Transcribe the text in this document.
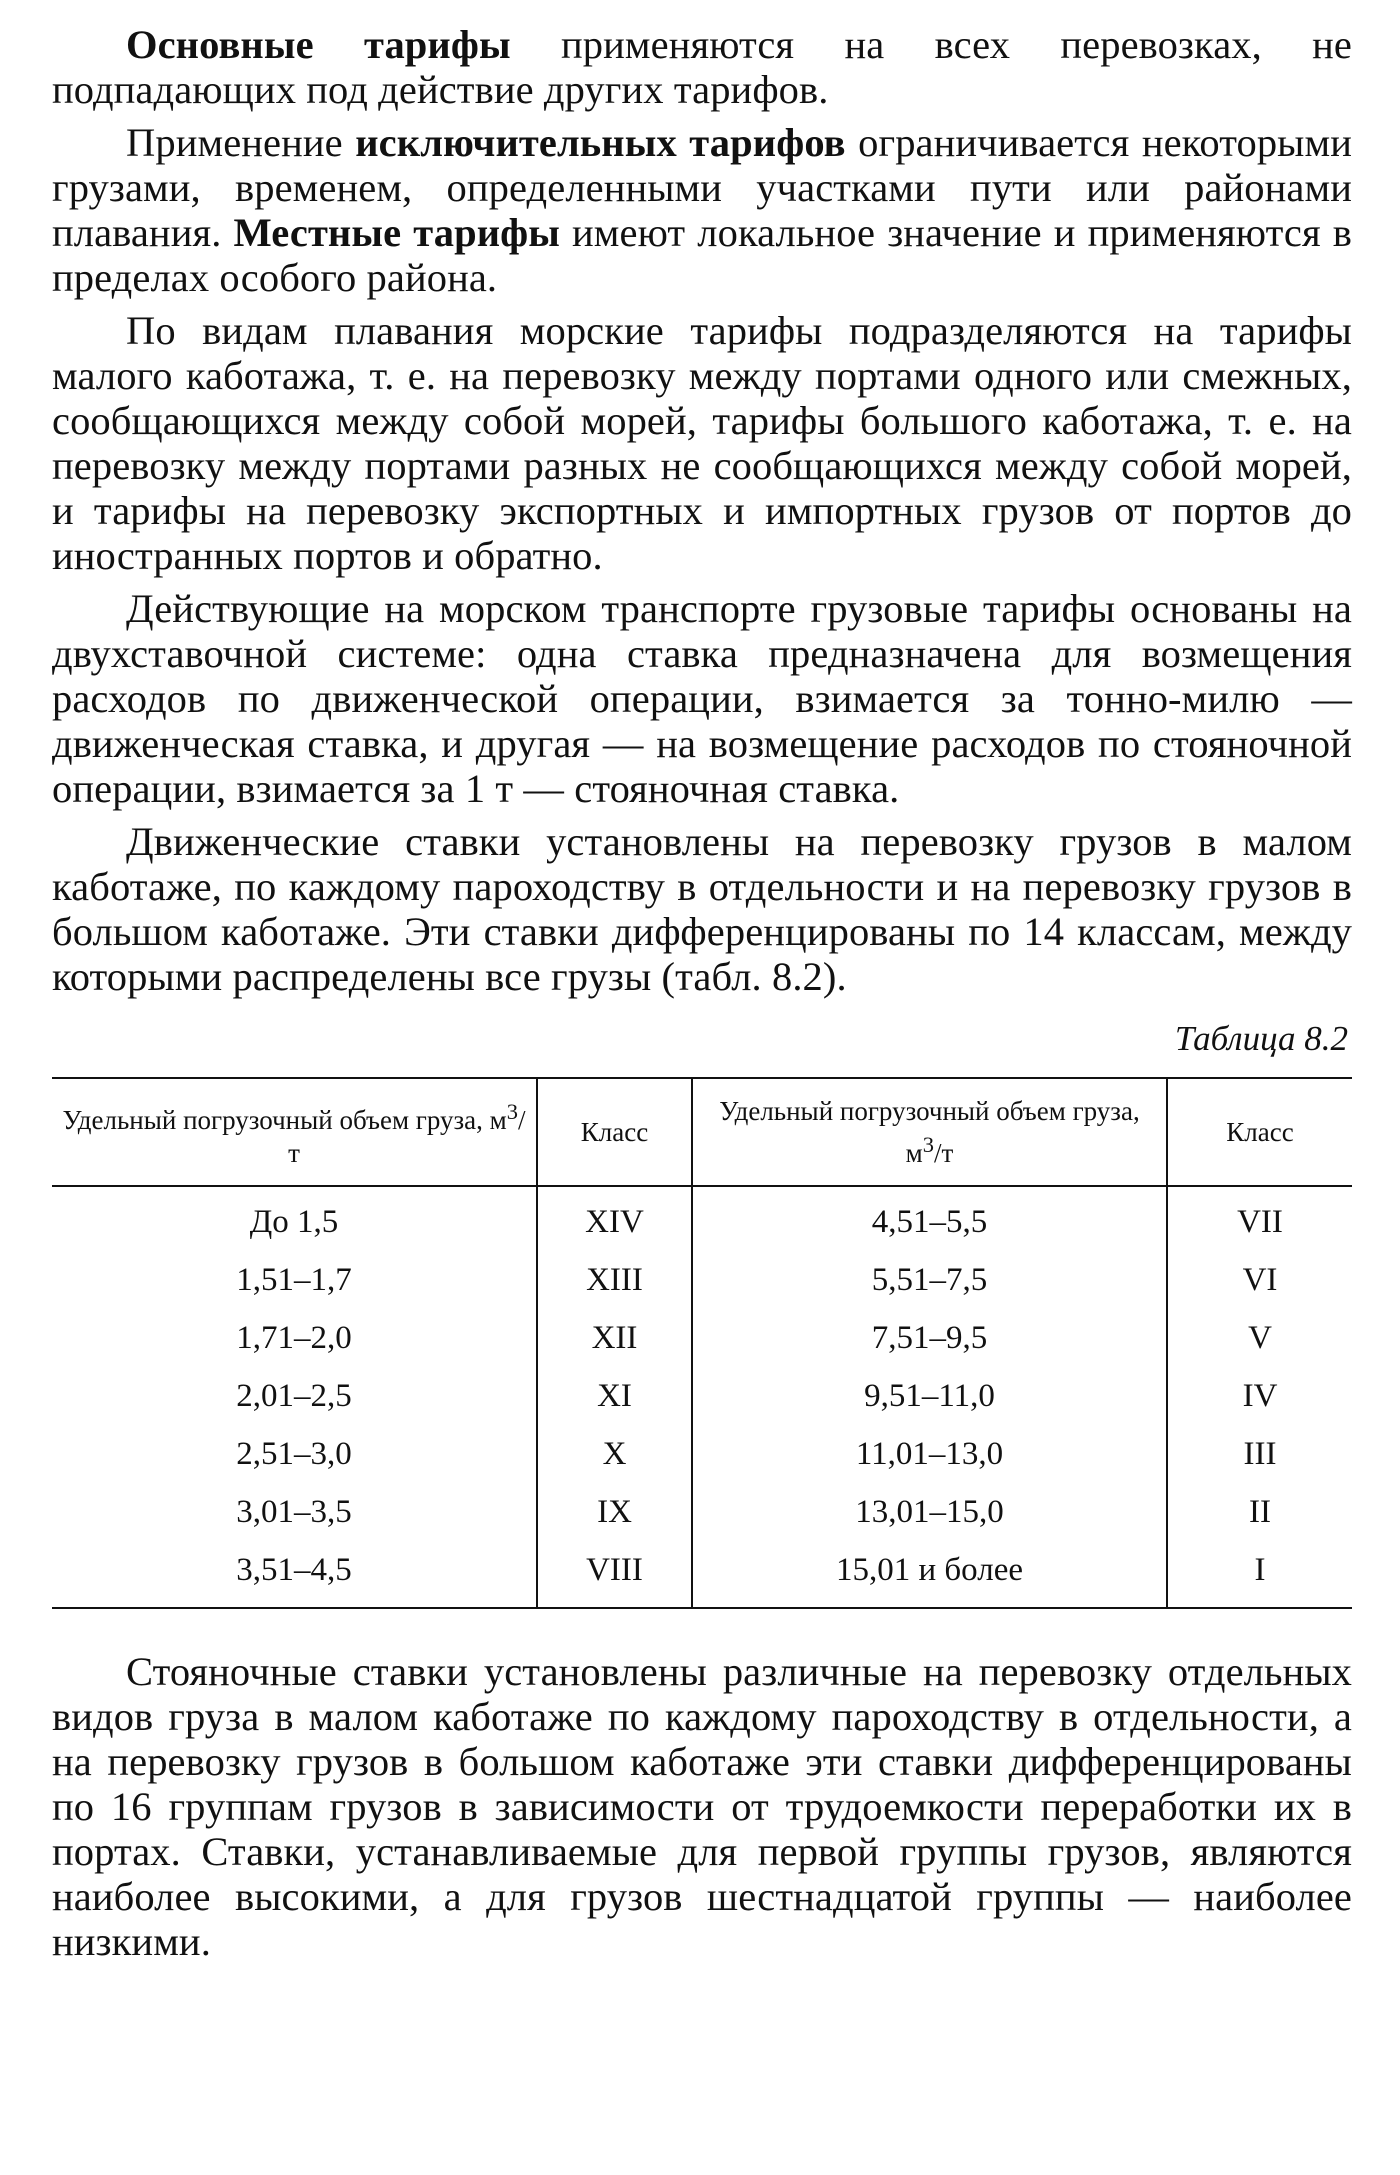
Основные тарифы применяются на всех перевозках, не подпадающих под действие других тарифов.

Применение исключительных тарифов ограничивается некоторыми грузами, временем, определенными участками пути или районами плавания. Местные тарифы имеют локальное значение и применяются в пределах особого района.

По видам плавания морские тарифы подразделяются на тарифы малого каботажа, т. е. на перевозку между портами одного или смежных, сообщающихся между собой морей, тарифы большого каботажа, т. е. на перевозку между портами разных не сообщающихся между собой морей, и тарифы на перевозку экспортных и импортных грузов от портов до иностранных портов и обратно.

Действующие на морском транспорте грузовые тарифы основаны на двухставочной системе: одна ставка предназначена для возмещения расходов по движенческой операции, взимается за тонно-милю — движенческая ставка, и другая — на возмещение расходов по стояночной операции, взимается за 1 т — стояночная ставка.

Движенческие ставки установлены на перевозку грузов в малом каботаже, по каждому пароходству в отдельности и на перевозку грузов в большом каботаже. Эти ставки дифференцированы по 14 классам, между которыми распределены все грузы (табл. 8.2).

Таблица 8.2
Удельный погрузочный объем груза, $м^3/т$	Класс	Удельный погрузочный объем груза, $м^3/т$	Класс
До 1,5	XIV	4,51–5,5	VII
1,51–1,7	XIII	5,51–7,5	VI
1,71–2,0	XII	7,51–9,5	V
2,01–2,5	XI	9,51–11,0	IV
2,51–3,0	X	11,01–13,0	III
3,01–3,5	IX	13,01–15,0	II
3,51–4,5	VIII	15,01 и более	I

Стояночные ставки установлены различные на перевозку отдельных видов груза в малом каботаже по каждому пароходству в отдельности, а на перевозку грузов в большом каботаже эти ставки дифференцированы по 16 группам грузов в зависимости от трудоемкости переработки их в портах. Ставки, устанавливаемые для первой группы грузов, являются наиболее высокими, а для грузов шестнадцатой группы — наиболее низкими.
